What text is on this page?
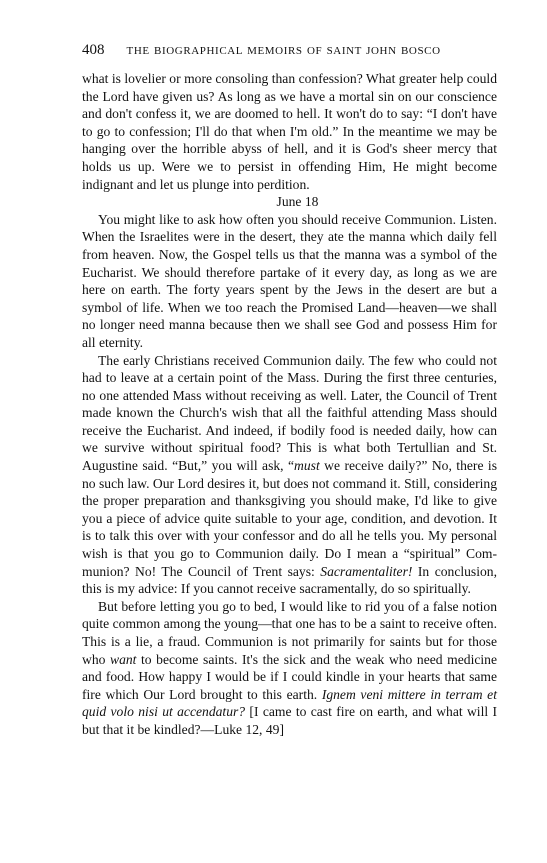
408 THE BIOGRAPHICAL MEMOIRS OF SAINT JOHN BOSCO

what is lovelier or more consoling than confession? What greater help could the Lord have given us? As long as we have a mortal sin on our conscience and don't confess it, we are doomed to hell. It won't do to say: “I don't have to go to confession; I'll do that when I'm old.” In the meantime we may be hanging over the horrible abyss of hell, and it is God's sheer mercy that holds us up. Were we to persist in offending Him, He might become indignant and let us plunge into perdition.

June 18

You might like to ask how often you should receive Communion. Listen. When the Israelites were in the desert, they ate the manna which daily fell from heaven. Now, the Gospel tells us that the manna was a symbol of the Eucharist. We should therefore partake of it every day, as long as we are here on earth. The forty years spent by the Jews in the desert are but a symbol of life. When we too reach the Promised Land—heaven—we shall no longer need manna because then we shall see God and possess Him for all eternity.

The early Christians received Communion daily. The few who could not had to leave at a certain point of the Mass. During the first three centuries, no one attended Mass without receiving as well. Later, the Council of Trent made known the Church's wish that all the faithful attending Mass should receive the Eucharist. And indeed, if bodily food is needed daily, how can we survive without spiritual food? This is what both Tertullian and St. Augustine said. “But,” you will ask, “must we receive daily?” No, there is no such law. Our Lord desires it, but does not command it. Still, considering the proper preparation and thanksgiving you should make, I'd like to give you a piece of advice quite suitable to your age, condition, and devotion. It is to talk this over with your confessor and do all he tells you. My personal wish is that you go to Communion daily. Do I mean a “spiritual” Communion? No! The Council of Trent says: Sacramentaliter! In conclusion, this is my advice: If you cannot receive sacramentally, do so spiritually.

But before letting you go to bed, I would like to rid you of a false notion quite common among the young—that one has to be a saint to receive often. This is a lie, a fraud. Communion is not primarily for saints but for those who want to become saints. It's the sick and the weak who need medicine and food. How happy I would be if I could kindle in your hearts that same fire which Our Lord brought to this earth. Ignem veni mittere in terram et quid volo nisi ut accendatur? [I came to cast fire on earth, and what will I but that it be kindled?—Luke 12, 49]
